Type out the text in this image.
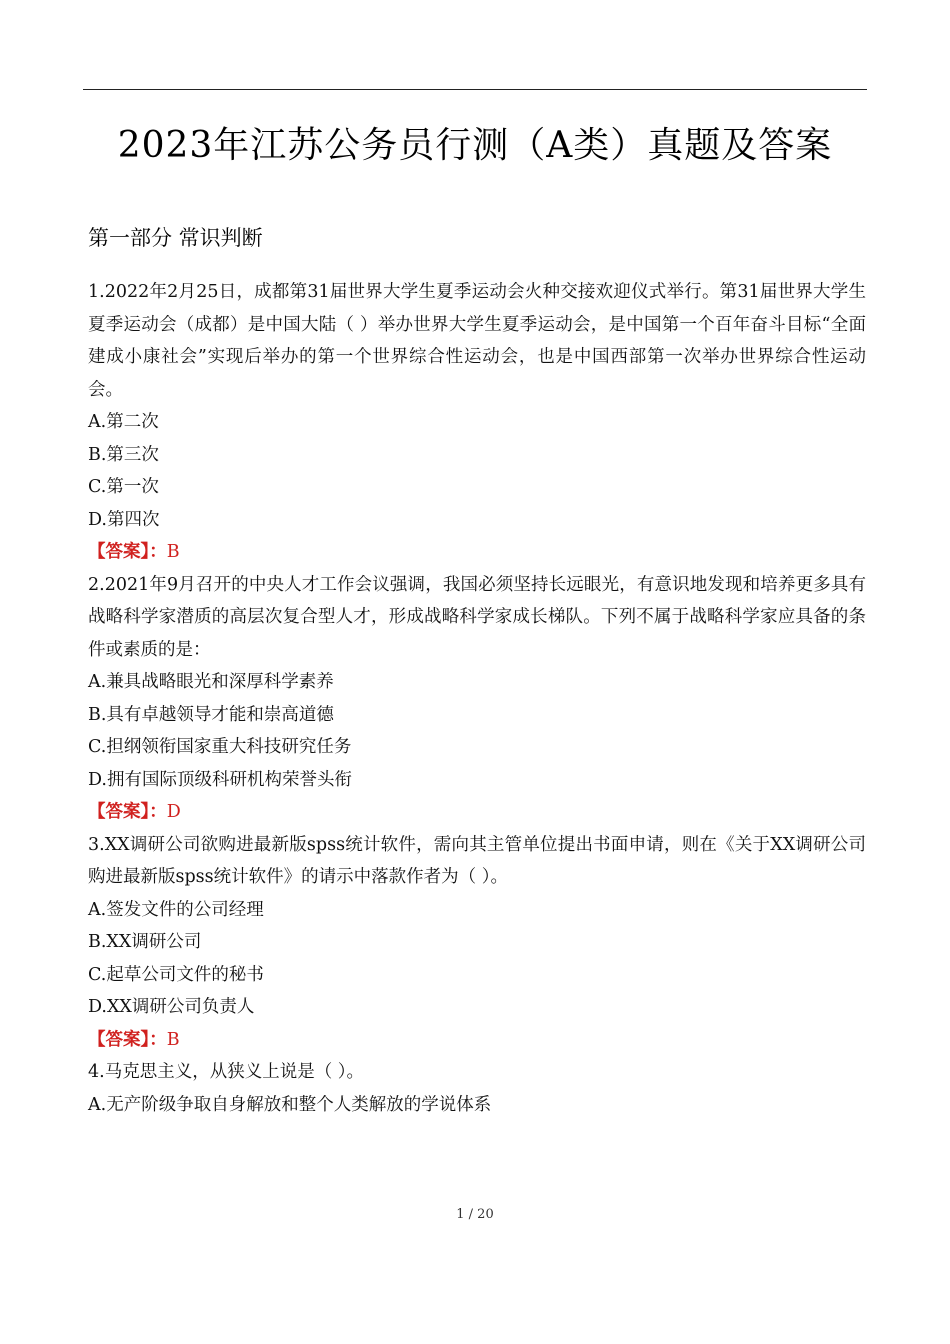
2023年江苏公务员行测（A类）真题及答案
第一部分 常识判断

1.2022年2月25日，成都第31届世界大学生夏季运动会火种交接欢迎仪式举行。第31届世界大学生夏季运动会（成都）是中国大陆（ ）举办世界大学生夏季运动会，是中国第一个百年奋斗目标“全面建成小康社会”实现后举办的第一个世界综合性运动会，也是中国西部第一次举办世界综合性运动会。

A.第二次

B.第三次

C.第一次

D.第四次

【答案】：B

2.2021年9月召开的中央人才工作会议强调，我国必须坚持长远眼光，有意识地发现和培养更多具有战略科学家潜质的高层次复合型人才，形成战略科学家成长梯队。下列不属于战略科学家应具备的条件或素质的是：

A.兼具战略眼光和深厚科学素养

B.具有卓越领导才能和崇高道德

C.担纲领衔国家重大科技研究任务

D.拥有国际顶级科研机构荣誉头衔

【答案】：D

3.XX调研公司欲购进最新版spss统计软件，需向其主管单位提出书面申请，则在《关于XX调研公司购进最新版spss统计软件》的请示中落款作者为（ ）。

A.签发文件的公司经理

B.XX调研公司

C.起草公司文件的秘书

D.XX调研公司负责人

【答案】：B

4.马克思主义，从狭义上说是（ ）。

A.无产阶级争取自身解放和整个人类解放的学说体系

1 / 20
